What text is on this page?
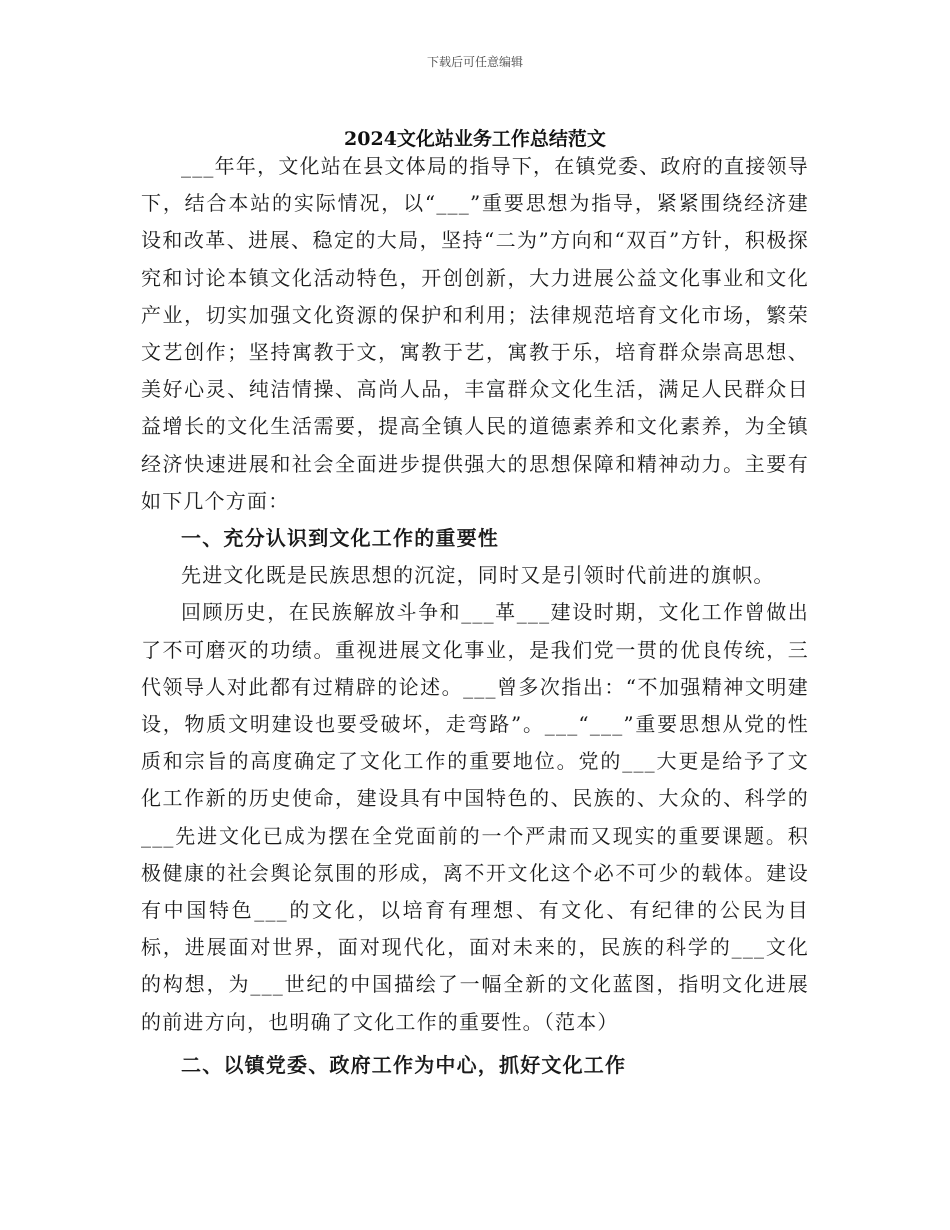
下载后可任意编辑
2024文化站业务工作总结范文

___年年，文化站在县文体局的指导下，在镇党委、政府的直接领导下，结合本站的实际情况，以“___”重要思想为指导，紧紧围绕经济建设和改革、进展、稳定的大局，坚持“二为”方向和“双百”方针，积极探究和讨论本镇文化活动特色，开创创新，大力进展公益文化事业和文化产业，切实加强文化资源的保护和利用；法律规范培育文化市场，繁荣文艺创作；坚持寓教于文，寓教于艺，寓教于乐，培育群众崇高思想、美好心灵、纯洁情操、高尚人品，丰富群众文化生活，满足人民群众日益增长的文化生活需要，提高全镇人民的道德素养和文化素养，为全镇经济快速进展和社会全面进步提供强大的思想保障和精神动力。主要有如下几个方面：

一、充分认识到文化工作的重要性

先进文化既是民族思想的沉淀，同时又是引领时代前进的旗帜。

回顾历史，在民族解放斗争和___革___建设时期，文化工作曾做出了不可磨灭的功绩。重视进展文化事业，是我们党一贯的优良传统，三代领导人对此都有过精辟的论述。___曾多次指出：“不加强精神文明建设，物质文明建设也要受破坏，走弯路”。___“___”重要思想从党的性质和宗旨的高度确定了文化工作的重要地位。党的___大更是给予了文化工作新的历史使命，建设具有中国特色的、民族的、大众的、科学的___先进文化已成为摆在全党面前的一个严肃而又现实的重要课题。积极健康的社会舆论氛围的形成，离不开文化这个必不可少的载体。建设有中国特色___的文化，以培育有理想、有文化、有纪律的公民为目标，进展面对世界，面对现代化，面对未来的，民族的科学的___文化的构想，为___世纪的中国描绘了一幅全新的文化蓝图，指明文化进展的前进方向，也明确了文化工作的重要性。（范本）

二、以镇党委、政府工作为中心，抓好文化工作
